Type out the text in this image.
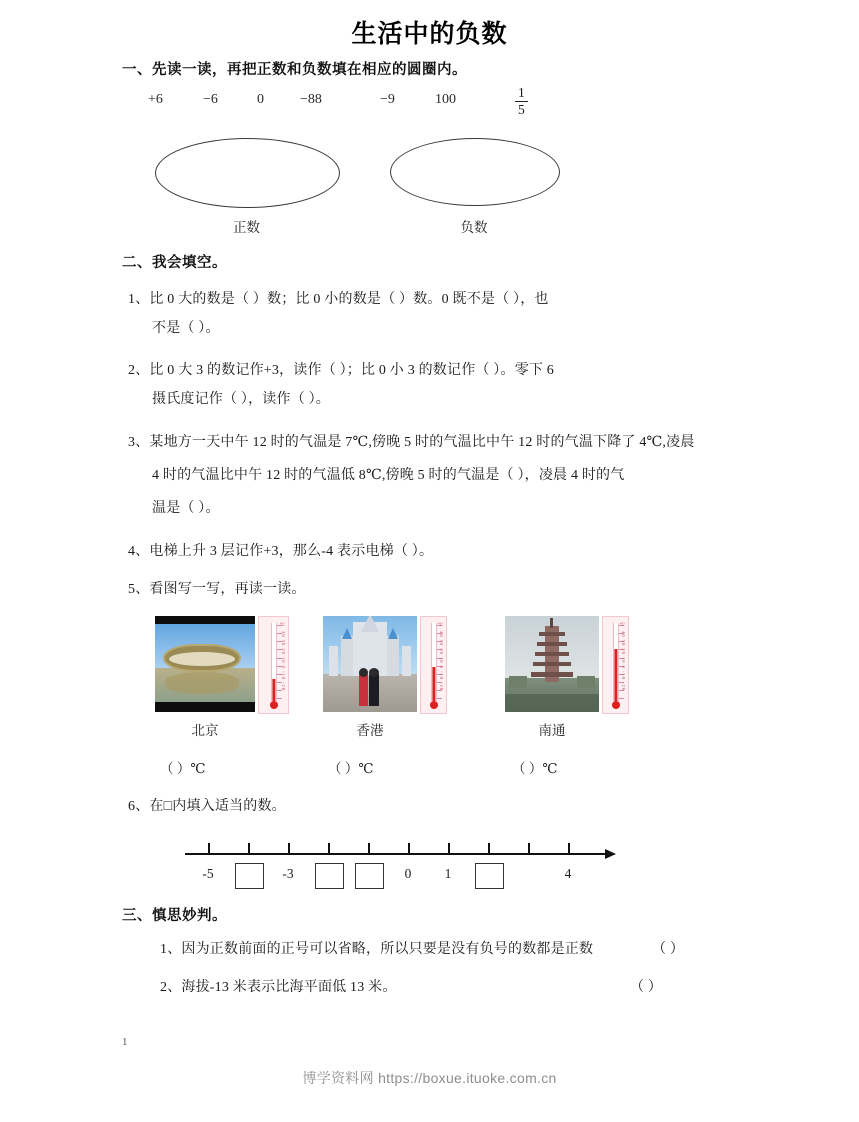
生活中的负数
一、先读一读，再把正数和负数填在相应的圆圈内。
+6	−6	0	−88	−9	100	1
5
正数	负数
二、我会填空。
1、比 0 大的数是（ ）数；比 0 小的数是（ ）数。0 既不是（ ），也
不是（ ）。
2、比 0 大 3 的数记作+3，读作（ ）；比 0 小 3 的数记作（ ）。零下 6
摄氏度记作（ ），读作（ ）。
3、某地方一天中午 12 时的气温是 7℃,傍晚 5 时的气温比中午 12 时的气温下降了 4℃,凌晨
4 时的气温比中午 12 时的气温低 8℃,傍晚 5 时的气温是（ ），凌晨 4 时的气
温是（ ）。
4、电梯上升 3 层记作+3，那么-4 表示电梯（ ）。
5、看图写一写，再读一读。
℃ 40 30 20 10 0 -10 -20
北京
（ ）℃
℃ 40 30 20 10 0 -10 -20
香港
（ ）℃
℃ 40 30 20 10 0 -10 -20
南通
（ ）℃
6、在□内填入适当的数。
-5	-3	0	1	4
三、慎思妙判。
1、因为正数前面的正号可以省略，所以只要是没有负号的数都是正数	（ ）
2、海拔-13 米表示比海平面低 13 米。	（ ）
1
博学资料网 https://boxue.ituoke.com.cn
